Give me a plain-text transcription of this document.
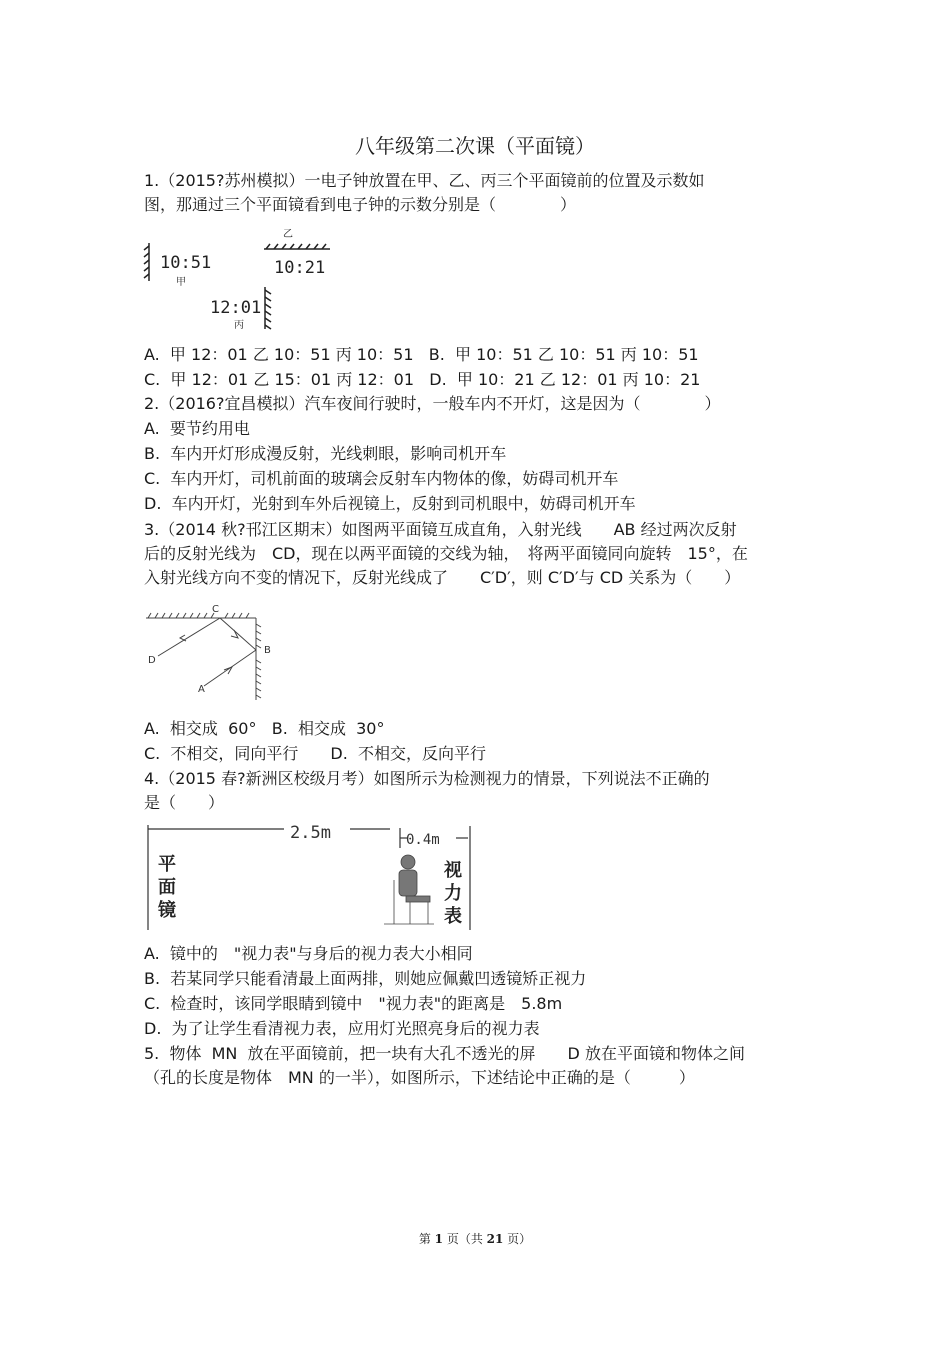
八年级第二次课（平面镜）
1.（2015?苏州模拟）一电子钟放置在甲、乙、丙三个平面镜前的位置及示数如
图，那通过三个平面镜看到电子钟的示数分别是（　　　　）
10:51
甲
乙
10:21
12:01
丙
A.  甲 12：01 乙 10：51 丙 10：51   B.  甲 10：51 乙 10：51 丙 10：51
C.  甲 12：01 乙 15：01 丙 12：01   D.  甲 10：21 乙 12：01 丙 10：21
2.（2016?宜昌模拟）汽车夜间行驶时，一般车内不开灯，这是因为（　　　　）
A.  要节约用电
B.  车内开灯形成漫反射，光线刺眼，影响司机开车
C.  车内开灯，司机前面的玻璃会反射车内物体的像，妨碍司机开车
D.  车内开灯，光射到车外后视镜上，反射到司机眼中，妨碍司机开车
3.（2014 秋?邗江区期末）如图两平面镜互成直角，入射光线　　AB 经过两次反射
后的反射光线为　CD，现在以两平面镜的交线为轴，　将两平面镜同向旋转　15°，在
入射光线方向不变的情况下，反射光线成了　　C′D′，则 C′D′与 CD 关系为（　　）
C
D
B
A
A.  相交成  60°   B.  相交成  30°
C.  不相交，同向平行　　D.  不相交，反向平行
4.（2015 春?新洲区校级月考）如图所示为检测视力的情景，下列说法不正确的
是（　　）
2.5m	0.4m
平
面
镜
视
力
表
A.  镜中的　"视力表"与身后的视力表大小相同
B.  若某同学只能看清最上面两排，则她应佩戴凹透镜矫正视力
C.  检查时，该同学眼睛到镜中　"视力表"的距离是　5.8m
D.  为了让学生看清视力表，应用灯光照亮身后的视力表
5.  物体  MN  放在平面镜前，把一块有大孔不透光的屏　　D 放在平面镜和物体之间
（孔的长度是物体　MN 的一半），如图所示，下述结论中正确的是（　　　）
第 1 页（共 21 页）
